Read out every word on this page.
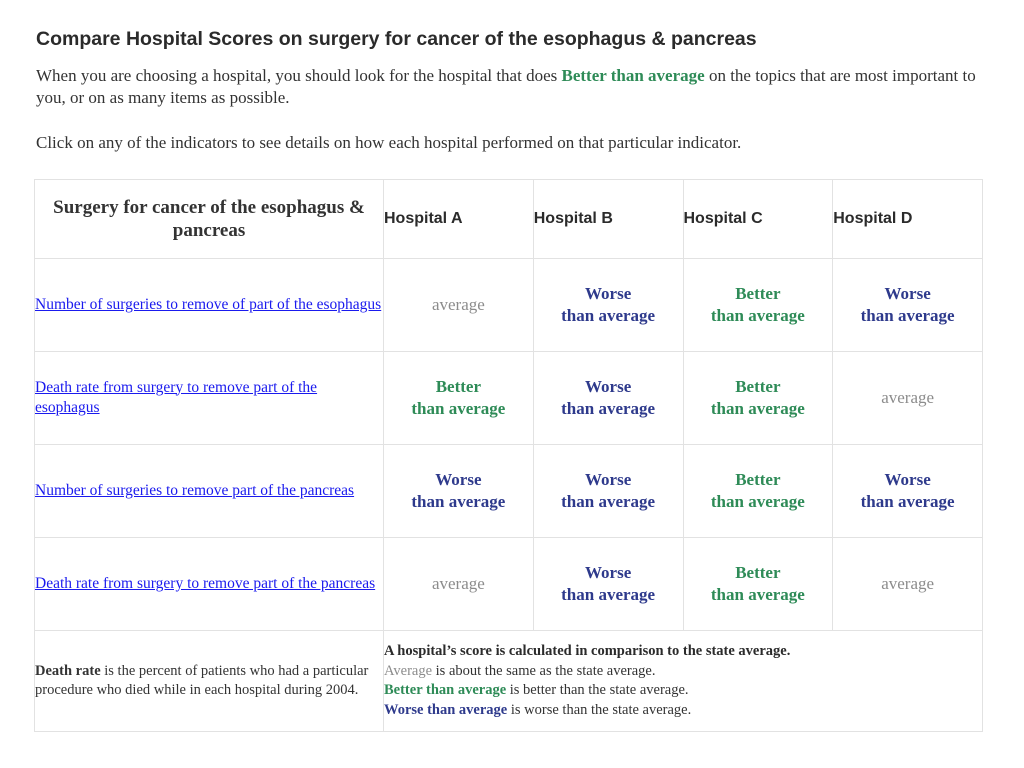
Compare Hospital Scores on surgery for cancer of the esophagus & pancreas

When you are choosing a hospital, you should look for the hospital that does Better than average on the topics that are most important to you, or on as many items as possible.

Click on any of the indicators to see details on how each hospital performed on that particular indicator.

Surgery for cancer of the esophagus & pancreas	Hospital A	Hospital B	Hospital C	Hospital D
Number of surgeries to remove of part of the esophagus	average	Worse
than average	Better
than average	Worse
than average

Death rate from surgery to remove part of the esophagus	Better
than average	Worse
than average	Better
than average	average

Number of surgeries to remove part of the pancreas	Worse
than average	Worse
than average	Better
than average	Worse
than average

Death rate from surgery to remove part of the pancreas	average	Worse
than average	Better
than average	average

Death rate is the percent of patients who had a particular procedure who died while in each hospital during 2004.	A hospital’s score is calculated in comparison to the state average.
Average is about the same as the state average.
Better than average is better than the state average.
Worse than average is worse than the state average.			
